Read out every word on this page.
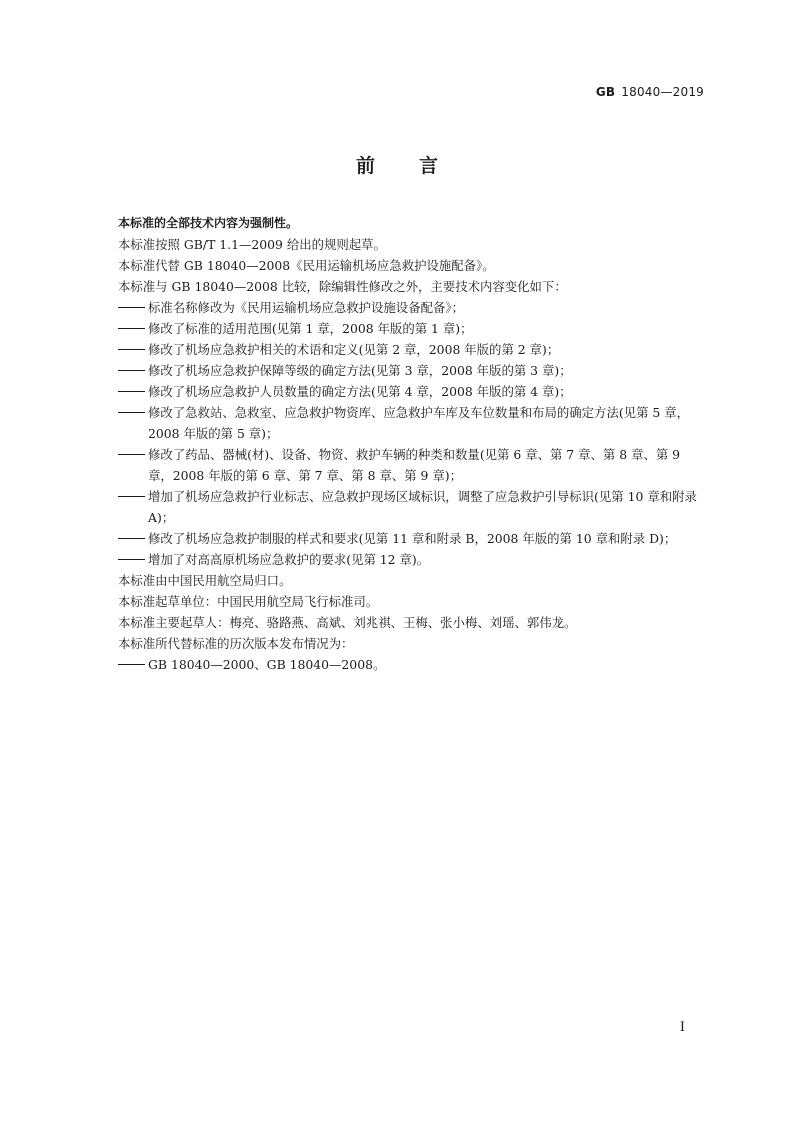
GB 18040—2019
前言

本标准的全部技术内容为强制性。

本标准按照 GB/T 1.1—2009 给出的规则起草。

本标准代替 GB 18040—2008《民用运输机场应急救护设施配备》。

本标准与 GB 18040—2008 比较，除编辑性修改之外，主要技术内容变化如下：

标准名称修改为《民用运输机场应急救护设施设备配备》；

修改了标准的适用范围(见第 1 章，2008 年版的第 1 章)；

修改了机场应急救护相关的术语和定义(见第 2 章，2008 年版的第 2 章)；

修改了机场应急救护保障等级的确定方法(见第 3 章，2008 年版的第 3 章)；

修改了机场应急救护人员数量的确定方法(见第 4 章，2008 年版的第 4 章)；

修改了急救站、急救室、应急救护物资库、应急救护车库及车位数量和布局的确定方法(见第 5 章，2008 年版的第 5 章)；

修改了药品、器械(材)、设备、物资、救护车辆的种类和数量(见第 6 章、第 7 章、第 8 章、第 9 章，2008 年版的第 6 章、第 7 章、第 8 章、第 9 章)；

增加了机场应急救护行业标志、应急救护现场区域标识，调整了应急救护引导标识(见第 10 章和附录 A)；

修改了机场应急救护制服的样式和要求(见第 11 章和附录 B，2008 年版的第 10 章和附录 D)；

增加了对高高原机场应急救护的要求(见第 12 章)。

本标准由中国民用航空局归口。

本标准起草单位：中国民用航空局飞行标准司。

本标准主要起草人：梅亮、骆路燕、高斌、刘兆祺、王梅、张小梅、刘瑶、郭伟龙。

本标准所代替标准的历次版本发布情况为：

GB 18040—2000、GB 18040—2008。

I
